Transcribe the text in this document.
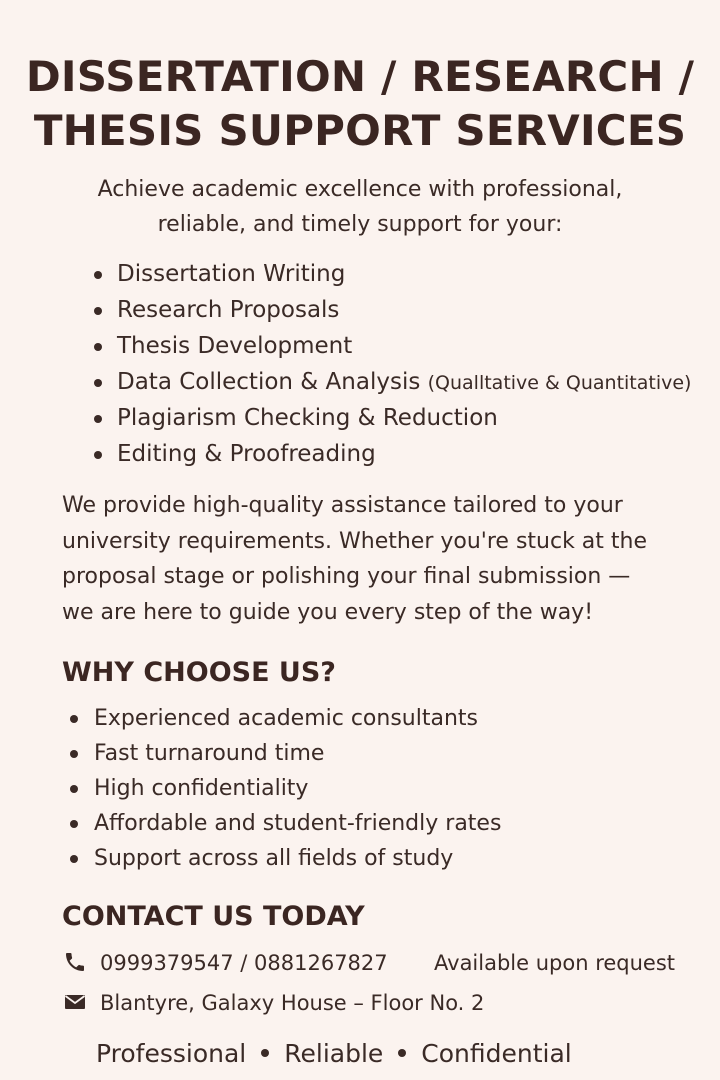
DISSERTATION / RESEARCH /
THESIS SUPPORT SERVICES
Achieve academic excellence with professional,
reliable, and timely support for your:
Dissertation Writing
Research Proposals
Thesis Development
Data Collection & Analysis (Qualltative & Quantitative)
Plagiarism Checking & Reduction
Editing & Proofreading
We provide high-quality assistance tailored to your
university requirements. Whether you're stuck at the
proposal stage or polishing your final submission —
we are here to guide you every step of the way!
WHY CHOOSE US?
Experienced academic consultants
Fast turnaround time
High confidentiality
Affordable and student-friendly rates
Support across all fields of study
CONTACT US TODAY
0999379547 / 0881267827 Available upon request
Blantyre, Galaxy House – Floor No. 2
Professional Reliable Confidential
